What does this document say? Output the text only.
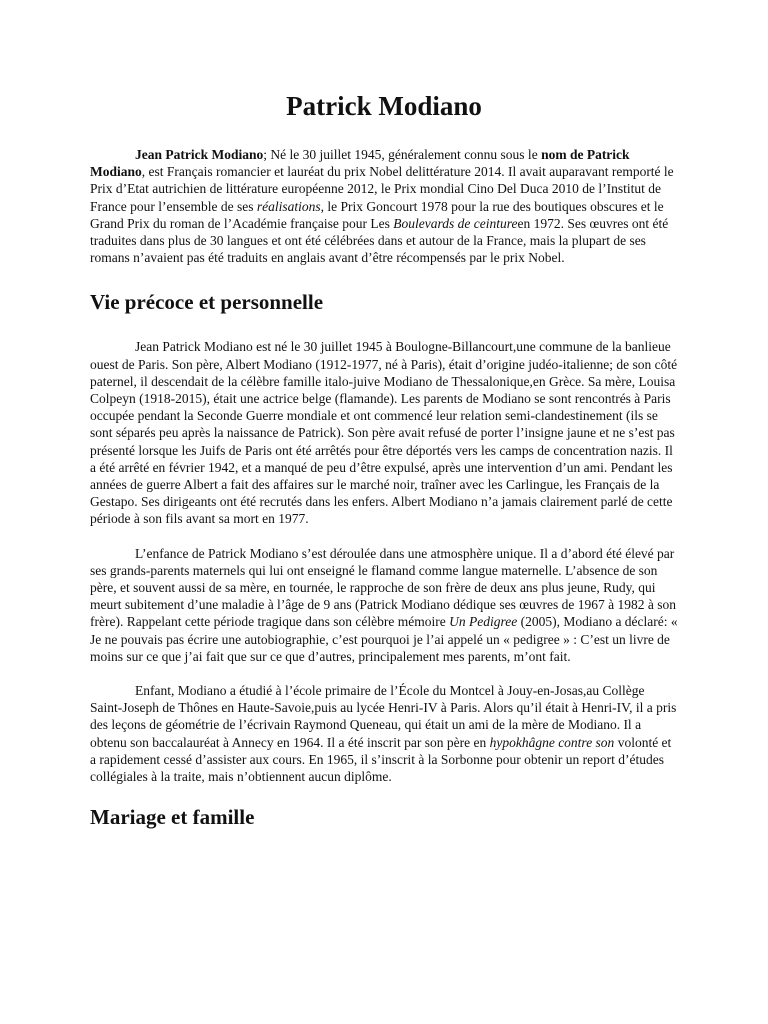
Patrick Modiano

Jean Patrick Modiano; Né le 30 juillet 1945, généralement connu sous le nom de Patrick Modiano, est Français romancier et lauréat du prix Nobel delittérature 2014. Il avait auparavant remporté le Prix d’Etat autrichien de littérature européenne 2012, le Prix mondial Cino Del Duca 2010 de l’Institut de France pour l’ensemble de ses réalisations, le Prix Goncourt 1978 pour la rue des boutiques obscures et le Grand Prix du roman de l’Académie française pour Les Boulevards de ceintureen 1972. Ses œuvres ont été traduites dans plus de 30 langues et ont été célébrées dans et autour de la France, mais la plupart de ses romans n’avaient pas été traduits en anglais avant d’être récompensés par le prix Nobel.

Vie précoce et personnelle

Jean Patrick Modiano est né le 30 juillet 1945 à Boulogne-Billancourt,une commune de la banlieue ouest de Paris. Son père, Albert Modiano (1912-1977, né à Paris), était d’origine judéo-italienne; de son côté paternel, il descendait de la célèbre famille italo-juive Modiano de Thessalonique,en Grèce. Sa mère, Louisa Colpeyn (1918-2015), était une actrice belge (flamande). Les parents de Modiano se sont rencontrés à Paris occupée pendant la Seconde Guerre mondiale et ont commencé leur relation semi-clandestinement (ils se sont séparés peu après la naissance de Patrick). Son père avait refusé de porter l’insigne jaune et ne s’est pas présenté lorsque les Juifs de Paris ont été arrêtés pour être déportés vers les camps de concentration nazis. Il a été arrêté en février 1942, et a manqué de peu d’être expulsé, après une intervention d’un ami. Pendant les années de guerre Albert a fait des affaires sur le marché noir, traîner avec les Carlingue, les Français de la Gestapo. Ses dirigeants ont été recrutés dans les enfers. Albert Modiano n’a jamais clairement parlé de cette période à son fils avant sa mort en 1977.

L’enfance de Patrick Modiano s’est déroulée dans une atmosphère unique. Il a d’abord été élevé par ses grands-parents maternels qui lui ont enseigné le flamand comme langue maternelle. L’absence de son père, et souvent aussi de sa mère, en tournée, le rapproche de son frère de deux ans plus jeune, Rudy, qui meurt subitement d’une maladie à l’âge de 9 ans (Patrick Modiano dédique ses œuvres de 1967 à 1982 à son frère). Rappelant cette période tragique dans son célèbre mémoire Un Pedigree (2005), Modiano a déclaré: « Je ne pouvais pas écrire une autobiographie, c’est pourquoi je l’ai appelé un « pedigree » : C’est un livre de moins sur ce que j’ai fait que sur ce que d’autres, principalement mes parents, m’ont fait.

Enfant, Modiano a étudié à l’école primaire de l’École du Montcel à Jouy-en-Josas,au Collège Saint-Joseph de Thônes en Haute-Savoie,puis au lycée Henri-IV à Paris. Alors qu’il était à Henri-IV, il a pris des leçons de géométrie de l’écrivain Raymond Queneau, qui était un ami de la mère de Modiano. Il a obtenu son baccalauréat à Annecy en 1964. Il a été inscrit par son père en hypokhâgne contre son volonté et a rapidement cessé d’assister aux cours. En 1965, il s’inscrit à la Sorbonne pour obtenir un report d’études collégiales à la traite, mais n’obtiennent aucun diplôme.

Mariage et famille
